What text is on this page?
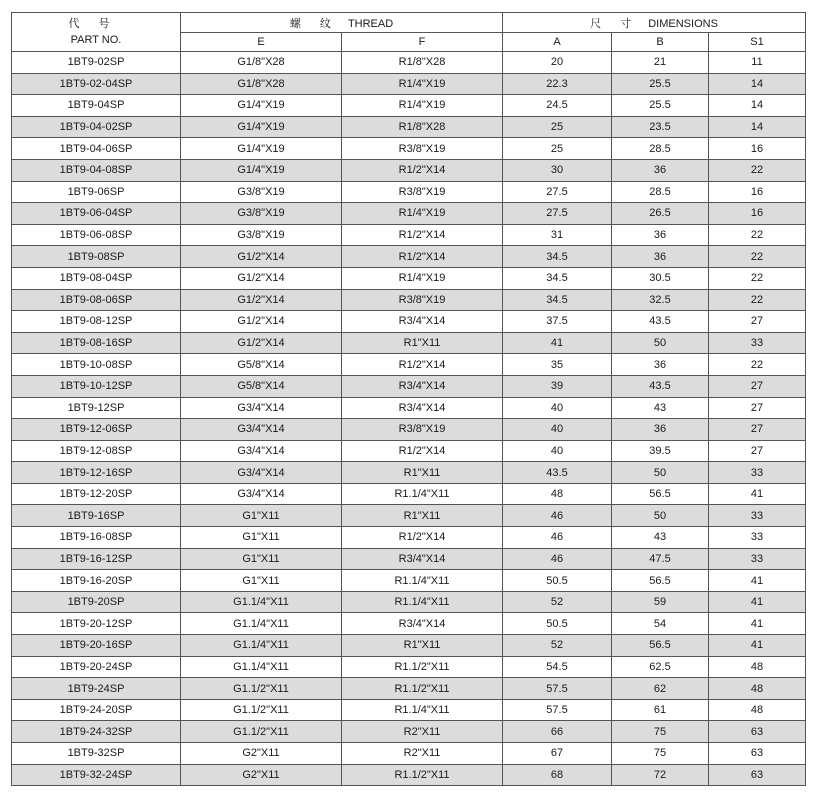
代 号
PART NO.	螺 纹 THREAD		尺 寸 DIMENSIONS		
	E	F	A	B	S1
1BT9-02SP	G1/8"X28	R1/8"X28	20	21	11
1BT9-02-04SP	G1/8"X28	R1/4"X19	22.3	25.5	14
1BT9-04SP	G1/4"X19	R1/4"X19	24.5	25.5	14
1BT9-04-02SP	G1/4"X19	R1/8"X28	25	23.5	14
1BT9-04-06SP	G1/4"X19	R3/8"X19	25	28.5	16
1BT9-04-08SP	G1/4"X19	R1/2"X14	30	36	22
1BT9-06SP	G3/8"X19	R3/8"X19	27.5	28.5	16
1BT9-06-04SP	G3/8"X19	R1/4"X19	27.5	26.5	16
1BT9-06-08SP	G3/8"X19	R1/2"X14	31	36	22
1BT9-08SP	G1/2"X14	R1/2"X14	34.5	36	22
1BT9-08-04SP	G1/2"X14	R1/4"X19	34.5	30.5	22
1BT9-08-06SP	G1/2"X14	R3/8"X19	34.5	32.5	22
1BT9-08-12SP	G1/2"X14	R3/4"X14	37.5	43.5	27
1BT9-08-16SP	G1/2"X14	R1"X11	41	50	33
1BT9-10-08SP	G5/8"X14	R1/2"X14	35	36	22
1BT9-10-12SP	G5/8"X14	R3/4"X14	39	43.5	27
1BT9-12SP	G3/4"X14	R3/4"X14	40	43	27
1BT9-12-06SP	G3/4"X14	R3/8"X19	40	36	27
1BT9-12-08SP	G3/4"X14	R1/2"X14	40	39.5	27
1BT9-12-16SP	G3/4"X14	R1"X11	43.5	50	33
1BT9-12-20SP	G3/4"X14	R1.1/4"X11	48	56.5	41
1BT9-16SP	G1"X11	R1"X11	46	50	33
1BT9-16-08SP	G1"X11	R1/2"X14	46	43	33
1BT9-16-12SP	G1"X11	R3/4"X14	46	47.5	33
1BT9-16-20SP	G1"X11	R1.1/4"X11	50.5	56.5	41
1BT9-20SP	G1.1/4"X11	R1.1/4"X11	52	59	41
1BT9-20-12SP	G1.1/4"X11	R3/4"X14	50.5	54	41
1BT9-20-16SP	G1.1/4"X11	R1"X11	52	56.5	41
1BT9-20-24SP	G1.1/4"X11	R1.1/2"X11	54.5	62.5	48
1BT9-24SP	G1.1/2"X11	R1.1/2"X11	57.5	62	48
1BT9-24-20SP	G1.1/2"X11	R1.1/4"X11	57.5	61	48
1BT9-24-32SP	G1.1/2"X11	R2"X11	66	75	63
1BT9-32SP	G2"X11	R2"X11	67	75	63
1BT9-32-24SP	G2"X11	R1.1/2"X11	68	72	63
